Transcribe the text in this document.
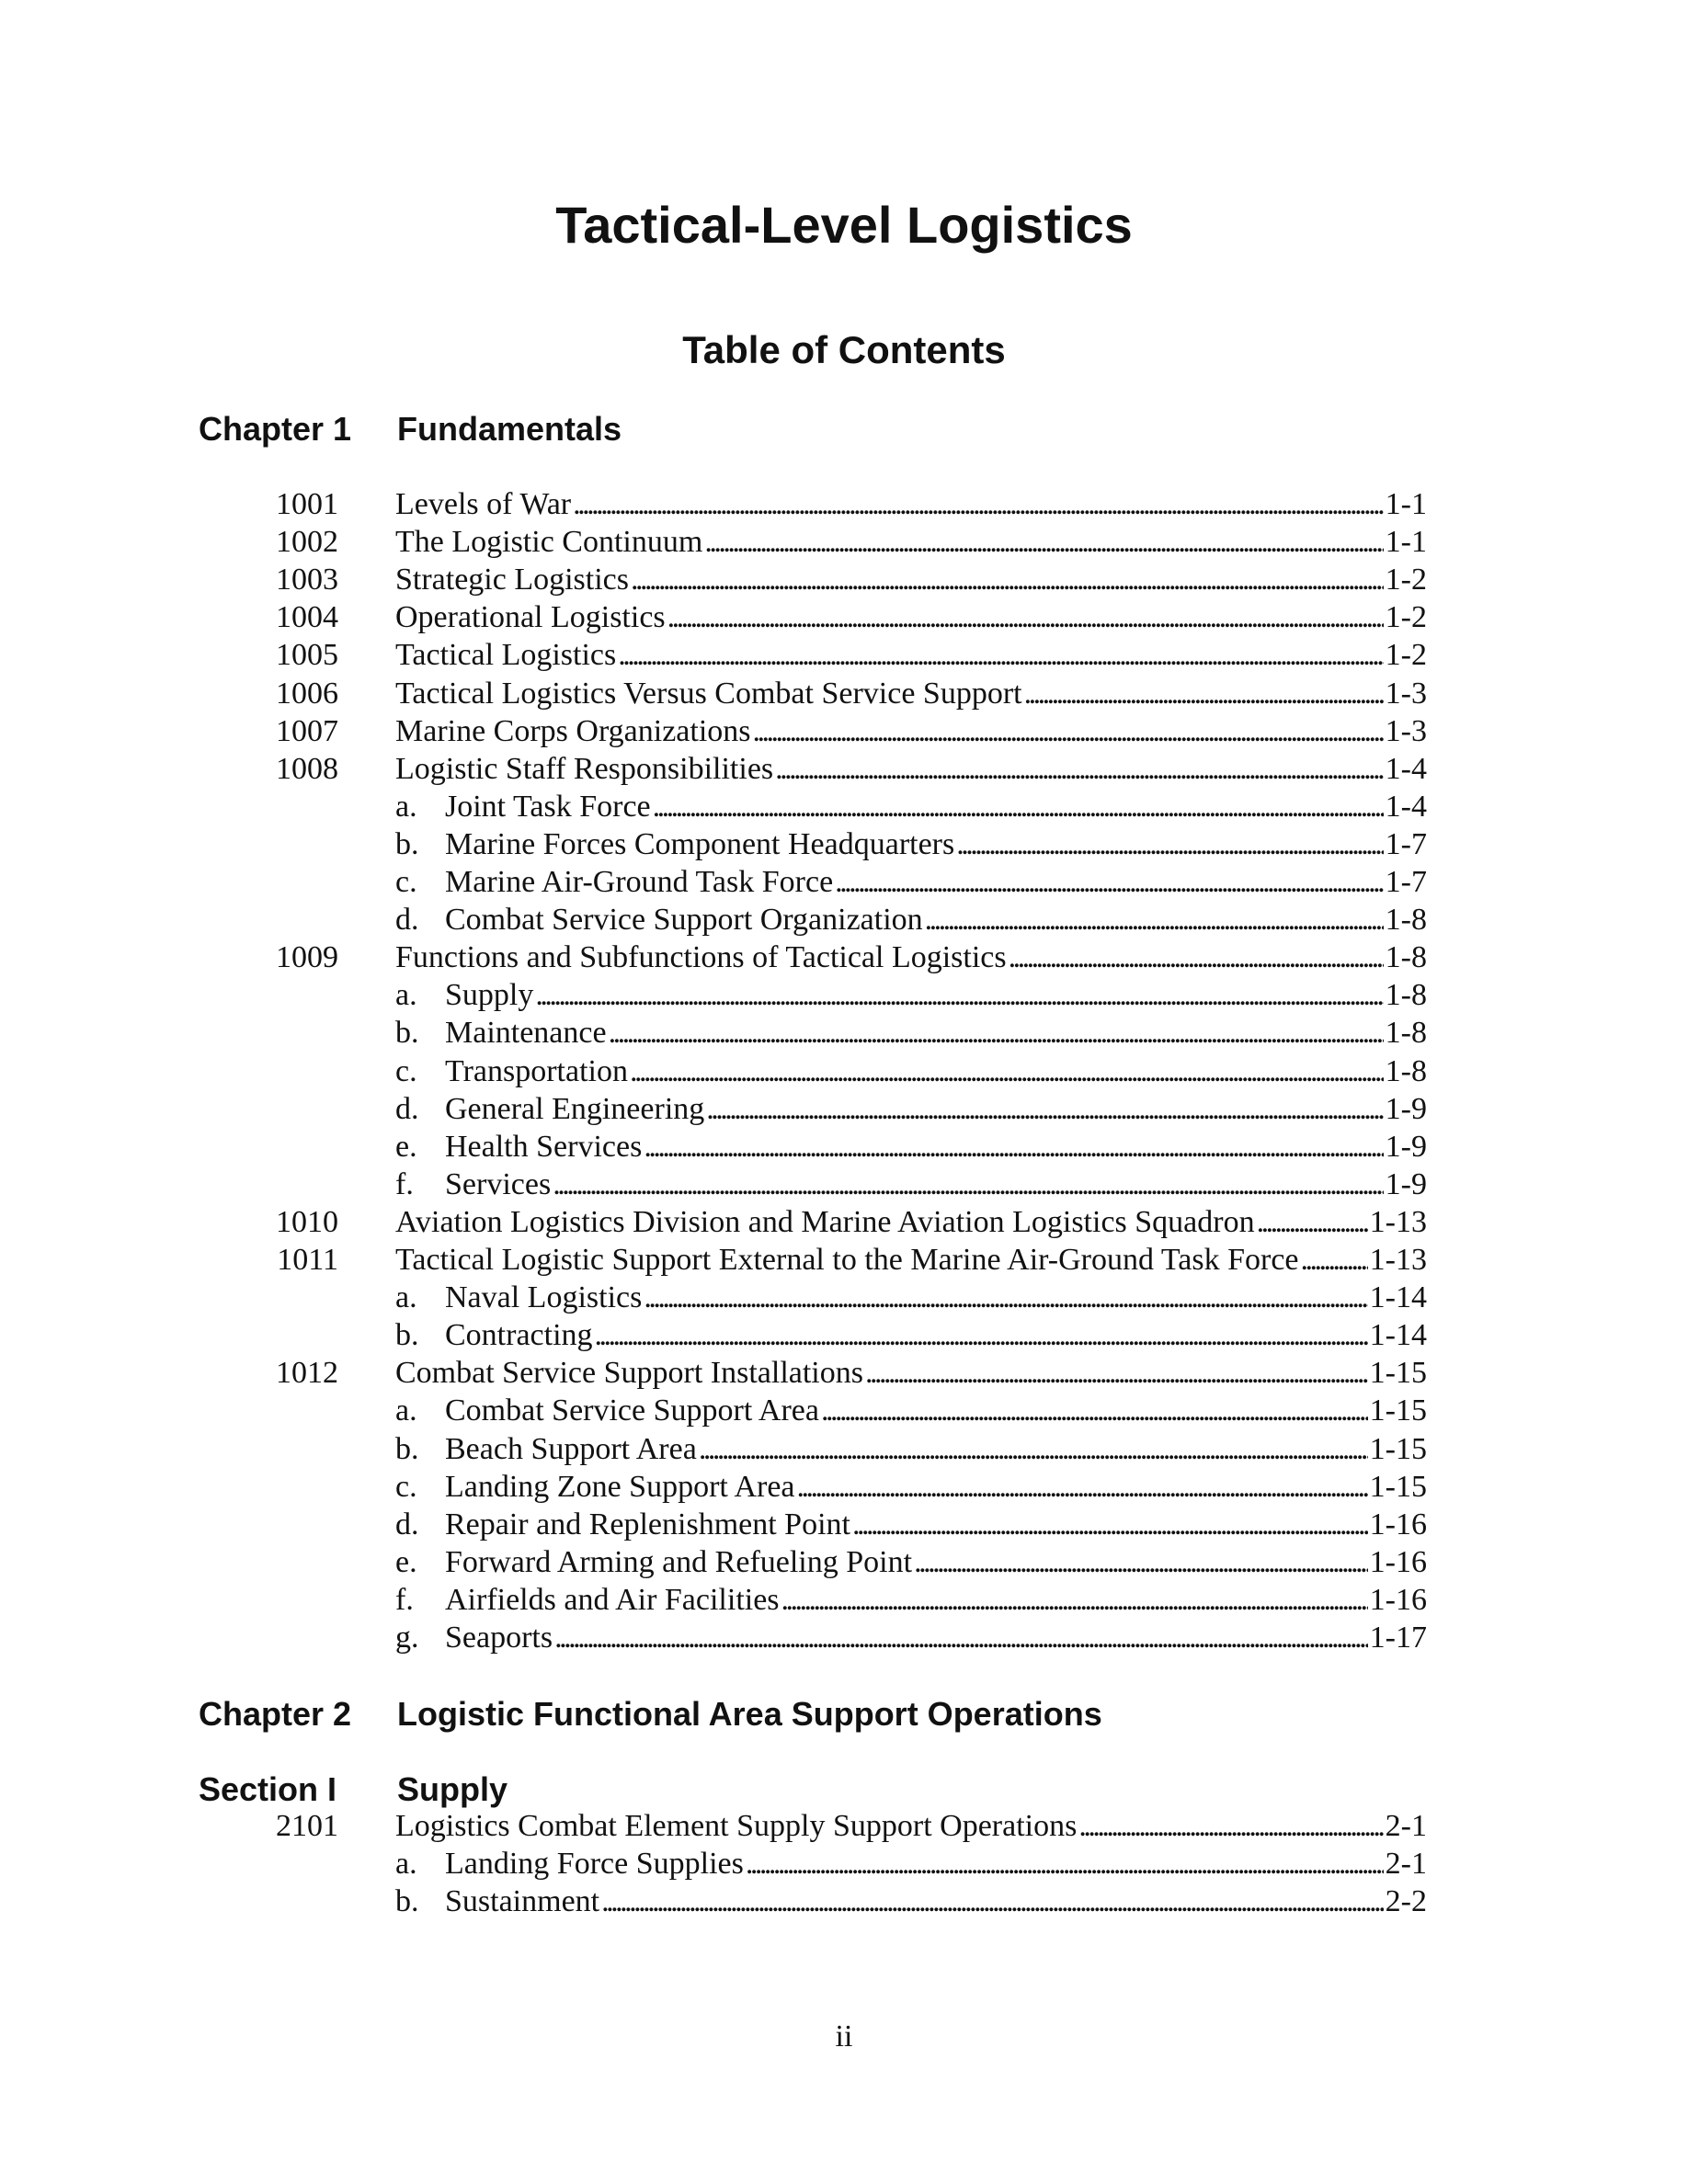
Tactical-Level Logistics
Table of Contents
Chapter 1 Fundamentals
Chapter 2 Logistic Functional Area Support Operations
Section I Supply
1001 Levels of War . . .	1-1
1002 The Logistic Continuum . . .	1-1
1003 Strategic Logistics . . .	1-2
1004 Operational Logistics . . .	1-2
1005 Tactical Logistics . . .	1-2
1006 Tactical Logistics Versus Combat Service Support . . .	1-3
1007 Marine Corps Organizations . . .	1-3
1008 Logistic Staff Responsibilities . . .	1-4
a. Joint Task Force . . .	1-4
b. Marine Forces Component Headquarters . . .	1-7
c. Marine Air-Ground Task Force . . .	1-7
d. Combat Service Support Organization . . .	1-8
1009 Functions and Subfunctions of Tactical Logistics . . .	1-8
a. Supply . . .	1-8
b. Maintenance . . .	1-8
c. Transportation . . .	1-8
d. General Engineering . . .	1-9
e. Health Services . . .	1-9
f.	Services . . .	1-9
1010 Aviation Logistics Division and Marine Aviation Logistics Squadron . . .	1-13
1011 Tactical Logistic Support External to the Marine Air-Ground Task Force . . . 1-13
a. Naval Logistics . . .	1-14
b. Contracting . . .	1-14
1012 Combat Service Support Installations . . .	1-15
a. Combat Service Support Area . . .	1-15
b. Beach Support Area . . .	1-15
c. Landing Zone Support Area . . .	1-15
d. Repair and Replenishment Point . . .	1-16
e. Forward Arming and Refueling Point . . .	1-16
f.	Airfields and Air Facilities . . .	1-16
g. Seaports . . .	1-17
2101 Logistics Combat Element Supply Support Operations . . .	2-1
a. Landing Force Supplies . . .	2-1
b. Sustainment . . .	2-2
ii
